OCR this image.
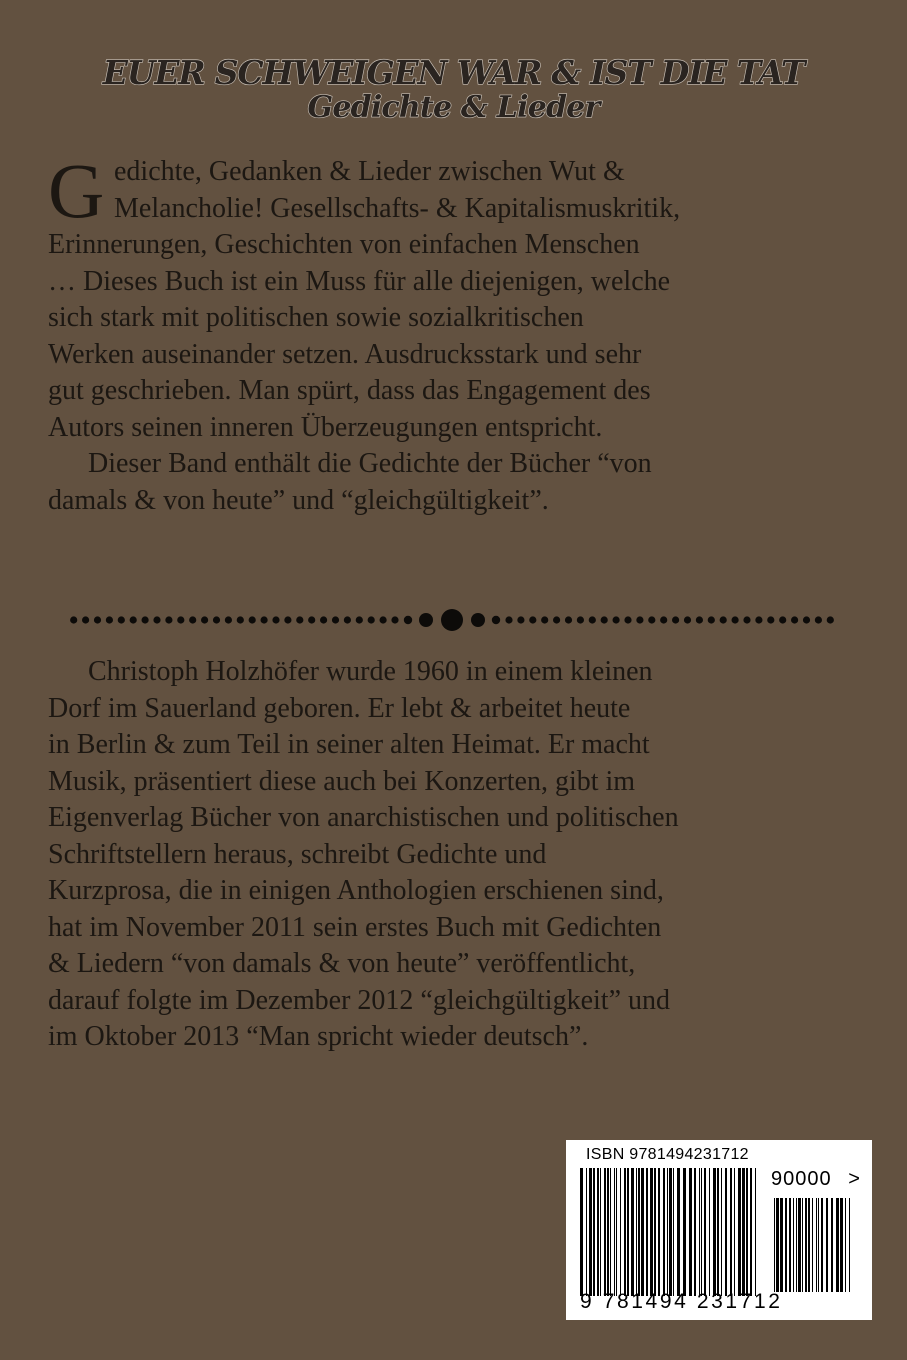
EUER SCHWEIGEN WAR & IST DIE TAT
Gedichte & Lieder
G edichte, Gedanken & Lieder zwischen Wut &
Melancholie! Gesellschafts- & Kapitalismuskritik,
Erinnerungen, Geschichten von einfachen Menschen
… Dieses Buch ist ein Muss für alle diejenigen, welche
sich stark mit politischen sowie sozialkritischen
Werken auseinander setzen. Ausdrucksstark und sehr
gut geschrieben. Man spürt, dass das Engagement des
Autors seinen inneren Überzeugungen entspricht.
Dieser Band enthält die Gedichte der Bücher “von
damals & von heute” und “gleichgültigkeit”.
Christoph Holzhöfer wurde 1960 in einem kleinen
Dorf im Sauerland geboren. Er lebt & arbeitet heute
in Berlin & zum Teil in seiner alten Heimat. Er macht
Musik, präsentiert diese auch bei Konzerten, gibt im
Eigenverlag Bücher von anarchistischen und politischen
Schriftstellern heraus, schreibt Gedichte und
Kurzprosa, die in einigen Anthologien erschienen sind,
hat im November 2011 sein erstes Buch mit Gedichten
& Liedern “von damals & von heute” veröffentlicht,
darauf folgte im Dezember 2012 “gleichgültigkeit” und
im Oktober 2013 “Man spricht wieder deutsch”.
ISBN 9781494231712
90000 >
9 781494 231712
